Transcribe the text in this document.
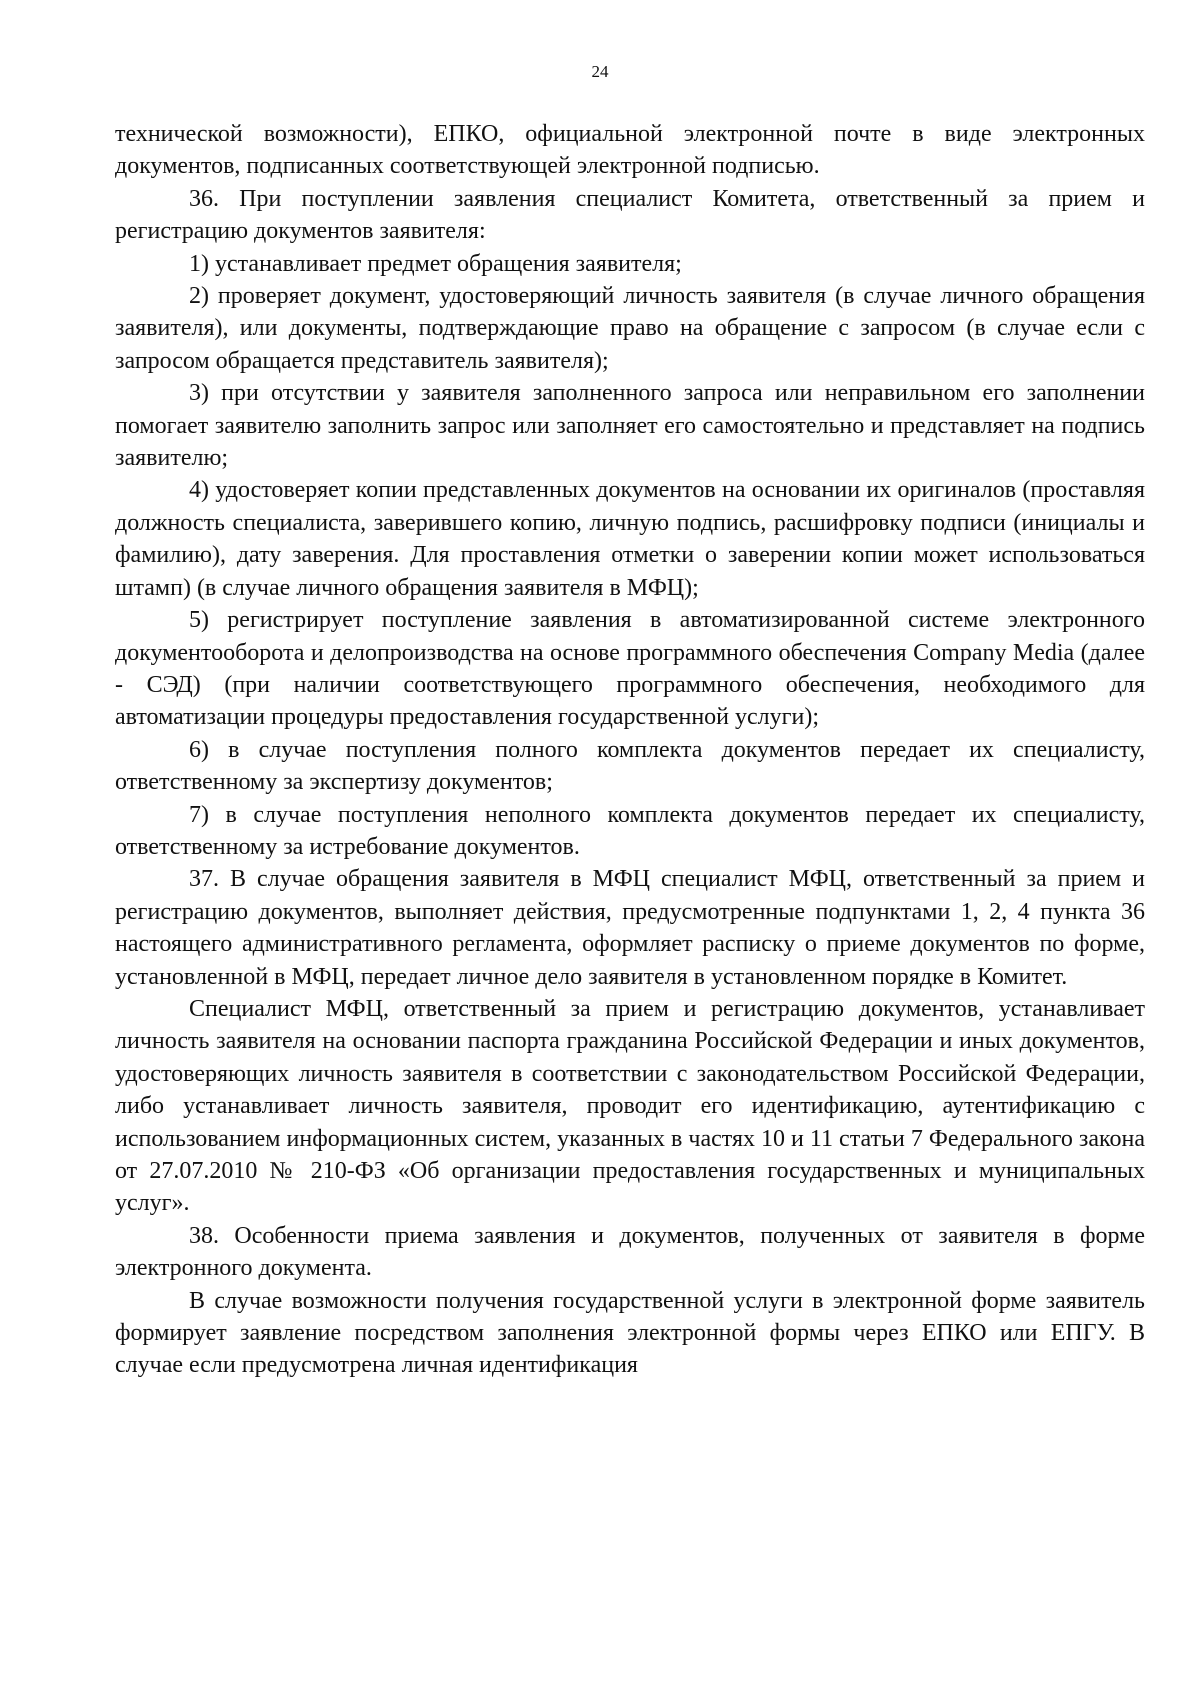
24

технической возможности), ЕПКО, официальной электронной почте в виде электронных документов, подписанных соответствующей электронной подписью.

36. При поступлении заявления специалист Комитета, ответственный за прием и регистрацию документов заявителя:

1) устанавливает предмет обращения заявителя;

2) проверяет документ, удостоверяющий личность заявителя (в случае личного обращения заявителя), или документы, подтверждающие право на обращение с запросом (в случае если с запросом обращается представитель заявителя);

3) при отсутствии у заявителя заполненного запроса или неправильном его заполнении помогает заявителю заполнить запрос или заполняет его самостоятельно и представляет на подпись заявителю;

4) удостоверяет копии представленных документов на основании их оригиналов (проставляя должность специалиста, заверившего копию, личную подпись, расшифровку подписи (инициалы и фамилию), дату заверения. Для проставления отметки о заверении копии может использоваться штамп) (в случае личного обращения заявителя в МФЦ);

5) регистрирует поступление заявления в автоматизированной системе электронного документооборота и делопроизводства на основе программного обеспечения Company Media (далее - СЭД) (при наличии соответствующего программного обеспечения, необходимого для автоматизации процедуры предоставления государственной услуги);

6) в случае поступления полного комплекта документов передает их специалисту, ответственному за экспертизу документов;

7) в случае поступления неполного комплекта документов передает их специалисту, ответственному за истребование документов.

37. В случае обращения заявителя в МФЦ специалист МФЦ, ответственный за прием и регистрацию документов, выполняет действия, предусмотренные подпунктами 1, 2, 4 пункта 36 настоящего административного регламента, оформляет расписку о приеме документов по форме, установленной в МФЦ, передает личное дело заявителя в установленном порядке в Комитет.

Специалист МФЦ, ответственный за прием и регистрацию документов, устанавливает личность заявителя на основании паспорта гражданина Российской Федерации и иных документов, удостоверяющих личность заявителя в соответствии с законодательством Российской Федерации, либо устанавливает личность заявителя, проводит его идентификацию, аутентификацию с использованием информационных систем, указанных в частях 10 и 11 статьи 7 Федерального закона от 27.07.2010 № 210-ФЗ «Об организации предоставления государственных и муниципальных услуг».

38. Особенности приема заявления и документов, полученных от заявителя в форме электронного документа.

В случае возможности получения государственной услуги в электронной форме заявитель формирует заявление посредством заполнения электронной формы через ЕПКО или ЕПГУ. В случае если предусмотрена личная идентификация
